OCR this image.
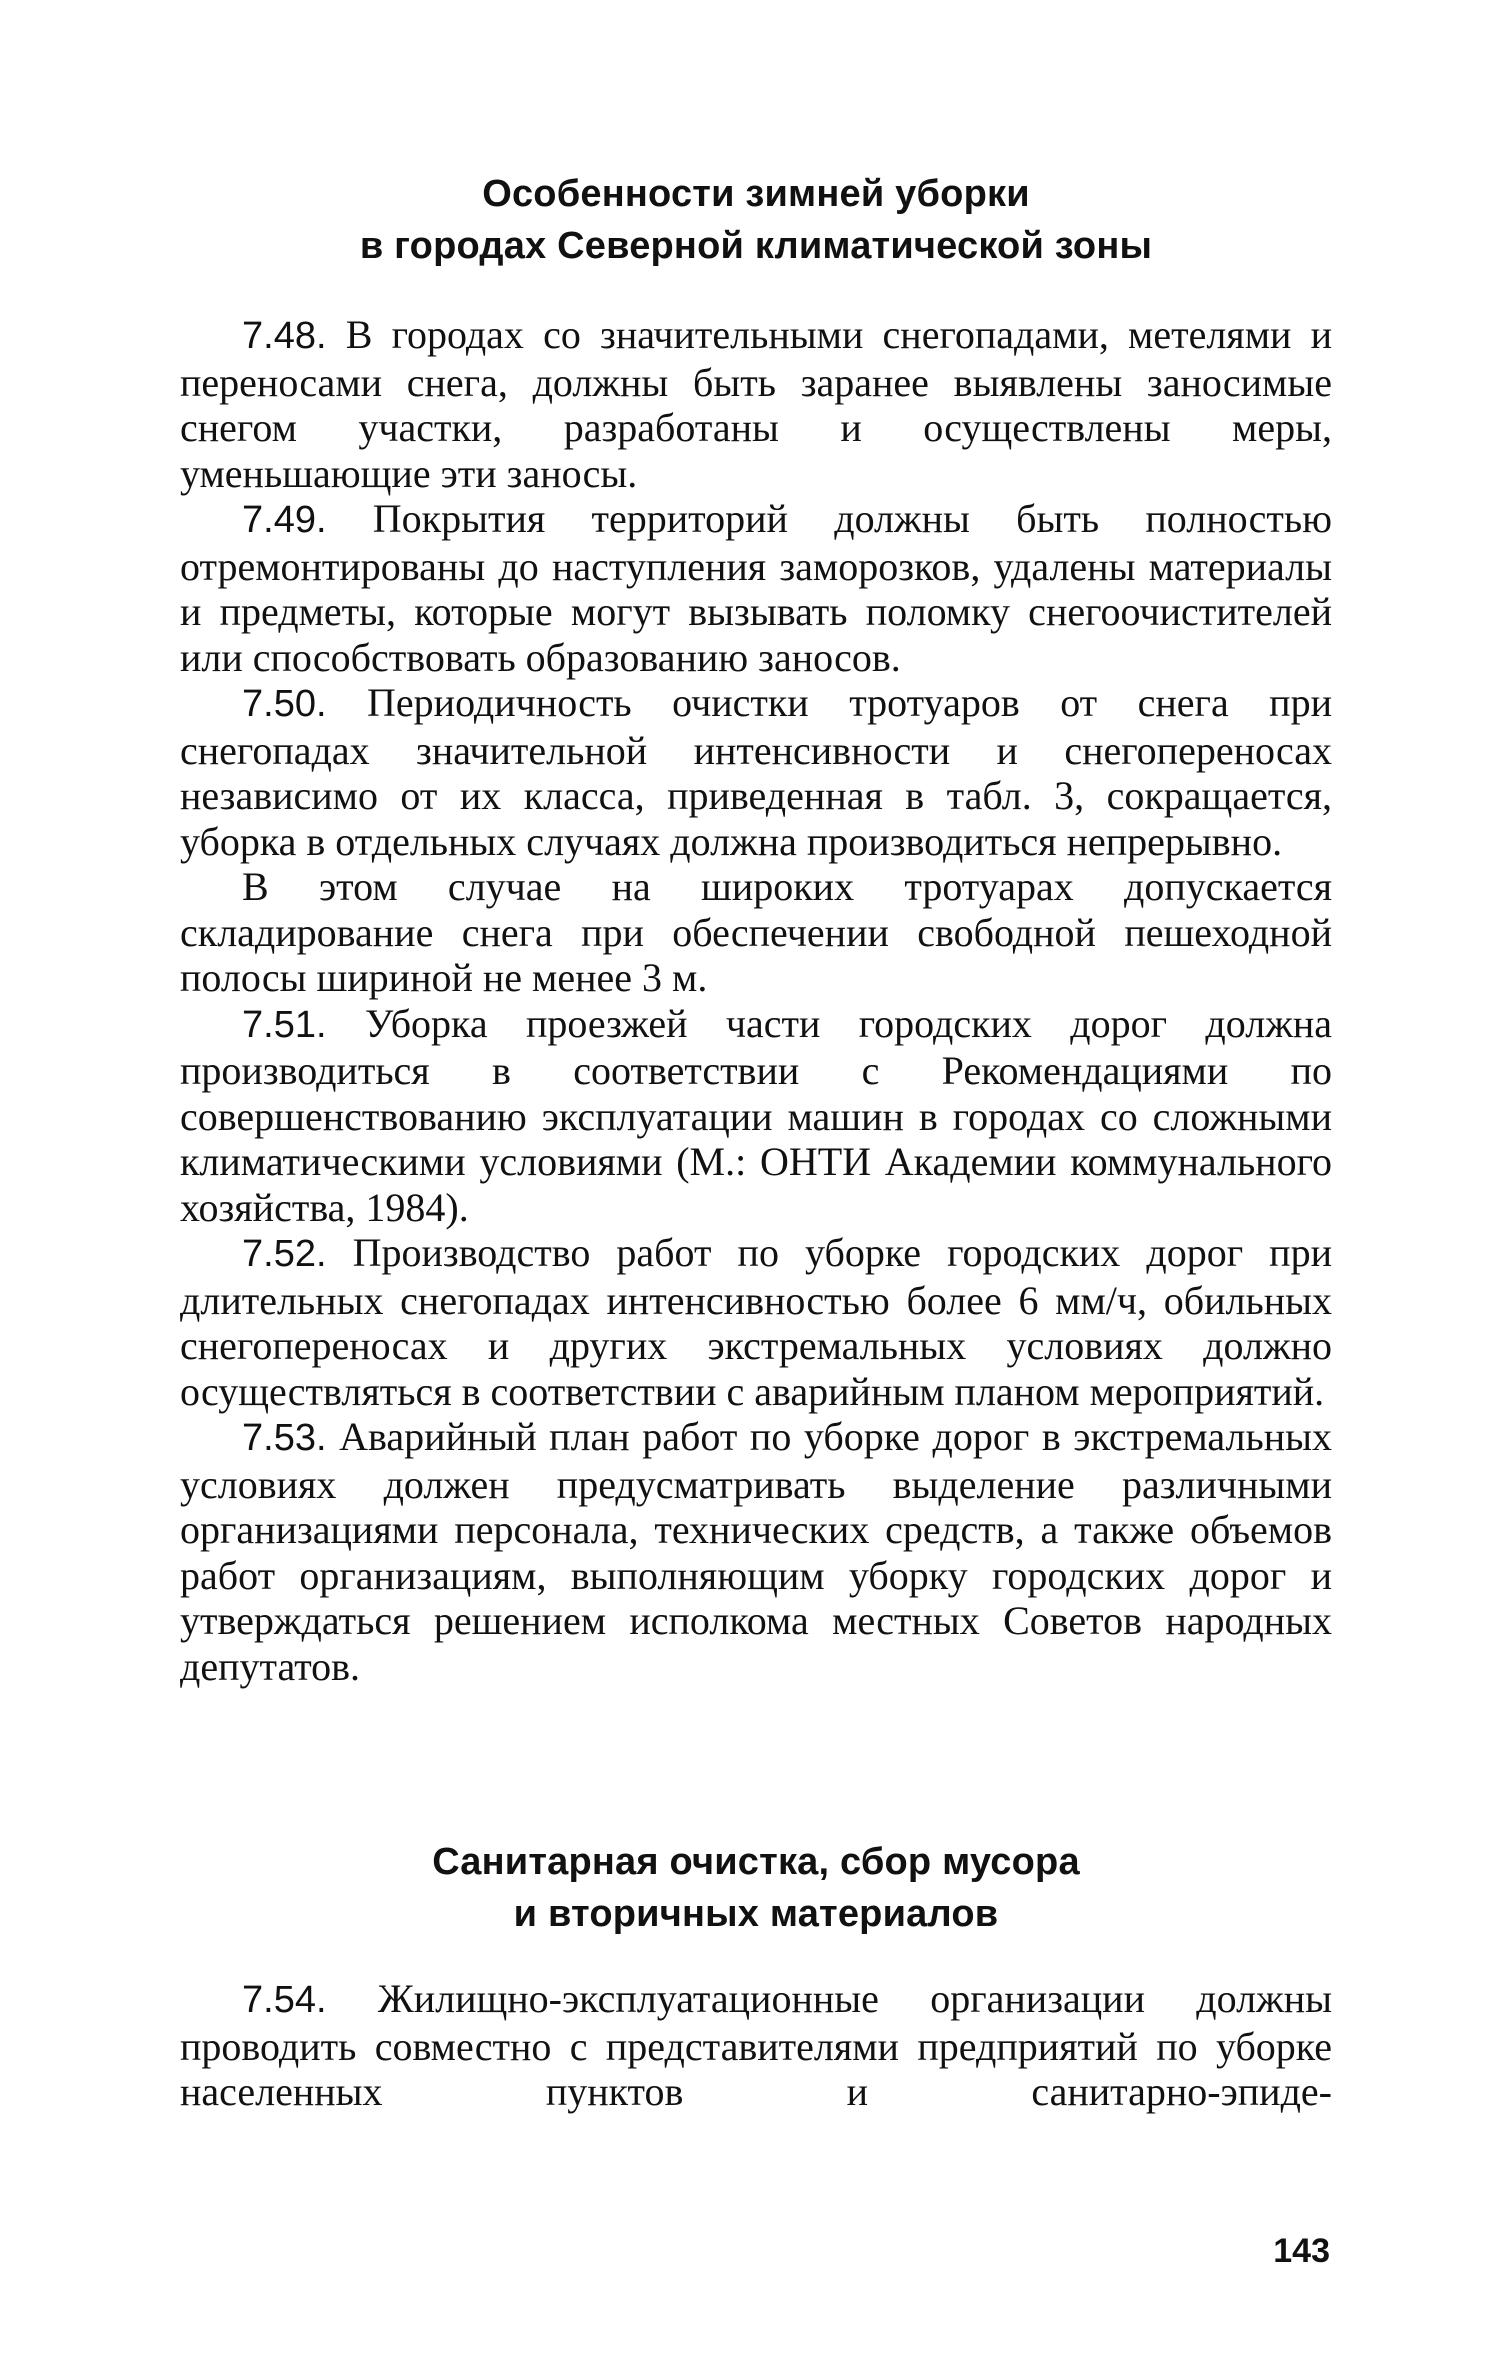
Особенности зимней уборки
в городах Северной климатической зоны

7.48. В городах со значительными снегопадами, метелями и переносами снега, должны быть заранее выявлены заносимые снегом участки, разработаны и осуществлены меры, уменьшающие эти заносы.

7.49. Покрытия территорий должны быть полностью отремонтированы до наступления заморозков, удалены материалы и предметы, которые могут вызывать поломку снегоочистителей или способствовать образованию заносов.

7.50. Периодичность очистки тротуаров от снега при снегопадах значительной интенсивности и снегопереносах независимо от их класса, приведенная в табл. 3, сокращается, уборка в отдельных случаях должна производиться непрерывно.

В этом случае на широких тротуарах допускается складирование снега при обеспечении свободной пешеходной полосы шириной не менее 3 м.

7.51. Уборка проезжей части городских дорог должна производиться в соответствии с Рекомендациями по совершенствованию эксплуатации машин в городах со сложными климатическими условиями (М.: ОНТИ Академии коммунального хозяйства, 1984).

7.52. Производство работ по уборке городских дорог при длительных снегопадах интенсивностью более 6 мм/ч, обильных снегопереносах и других экстремальных условиях должно осуществляться в соответствии с аварийным планом мероприятий.

7.53. Аварийный план работ по уборке дорог в экстремальных условиях должен предусматривать выделение различными организациями персонала, технических средств, а также объемов работ организациям, выполняющим уборку городских дорог и утверждаться решением исполкома местных Советов народных депутатов.

Санитарная очистка, сбор мусора
и вторичных материалов

7.54. Жилищно-эксплуатационные организации должны проводить совместно с представителями предприятий по уборке населенных пунктов и санитарно-эпиде-

143
